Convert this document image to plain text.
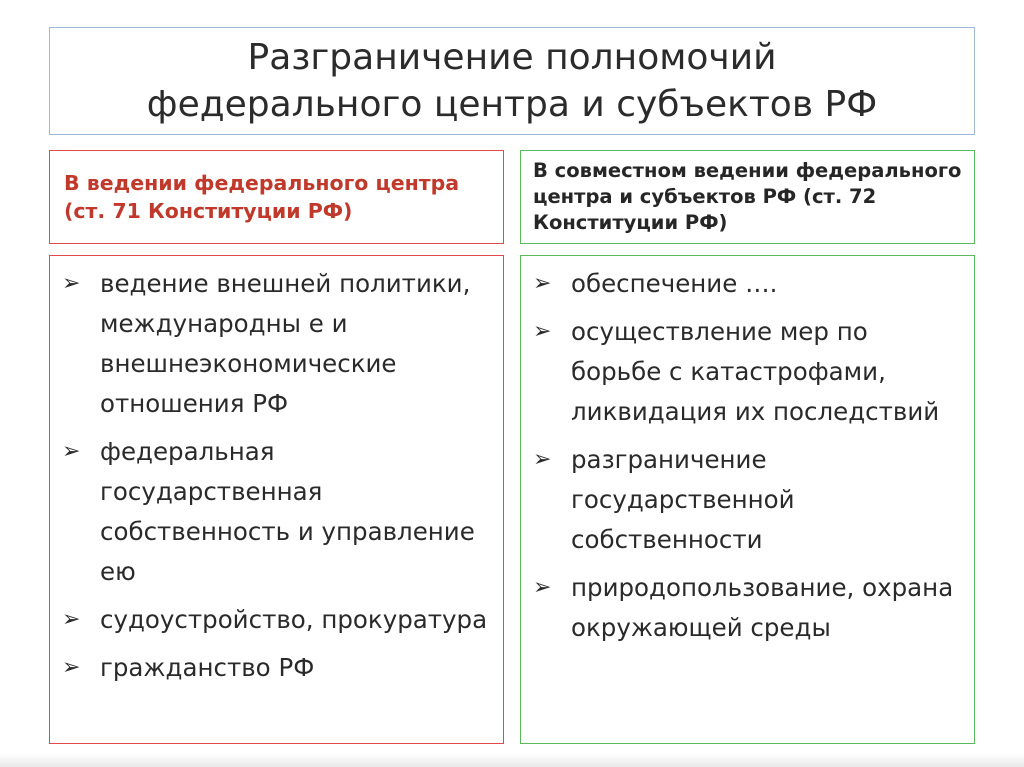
Разграничение полномочий
федерального центра и субъектов РФ
В ведении федерального центра (ст. 71 Конституции РФ)
В совместном ведении федерального центра и субъектов РФ (ст. 72 Конституции РФ)
➢ ведение внешней политики, международны е и внешнеэкономические отношения РФ
➢ федеральная государственная собственность и управление ею
➢ судоустройство, прокуратура
➢ гражданство РФ
➢ обеспечение ….
➢ осуществление мер по борьбе с катастрофами, ликвидация их последствий
➢ разграничение государственной собственности
➢ природопользование, охрана окружающей среды
